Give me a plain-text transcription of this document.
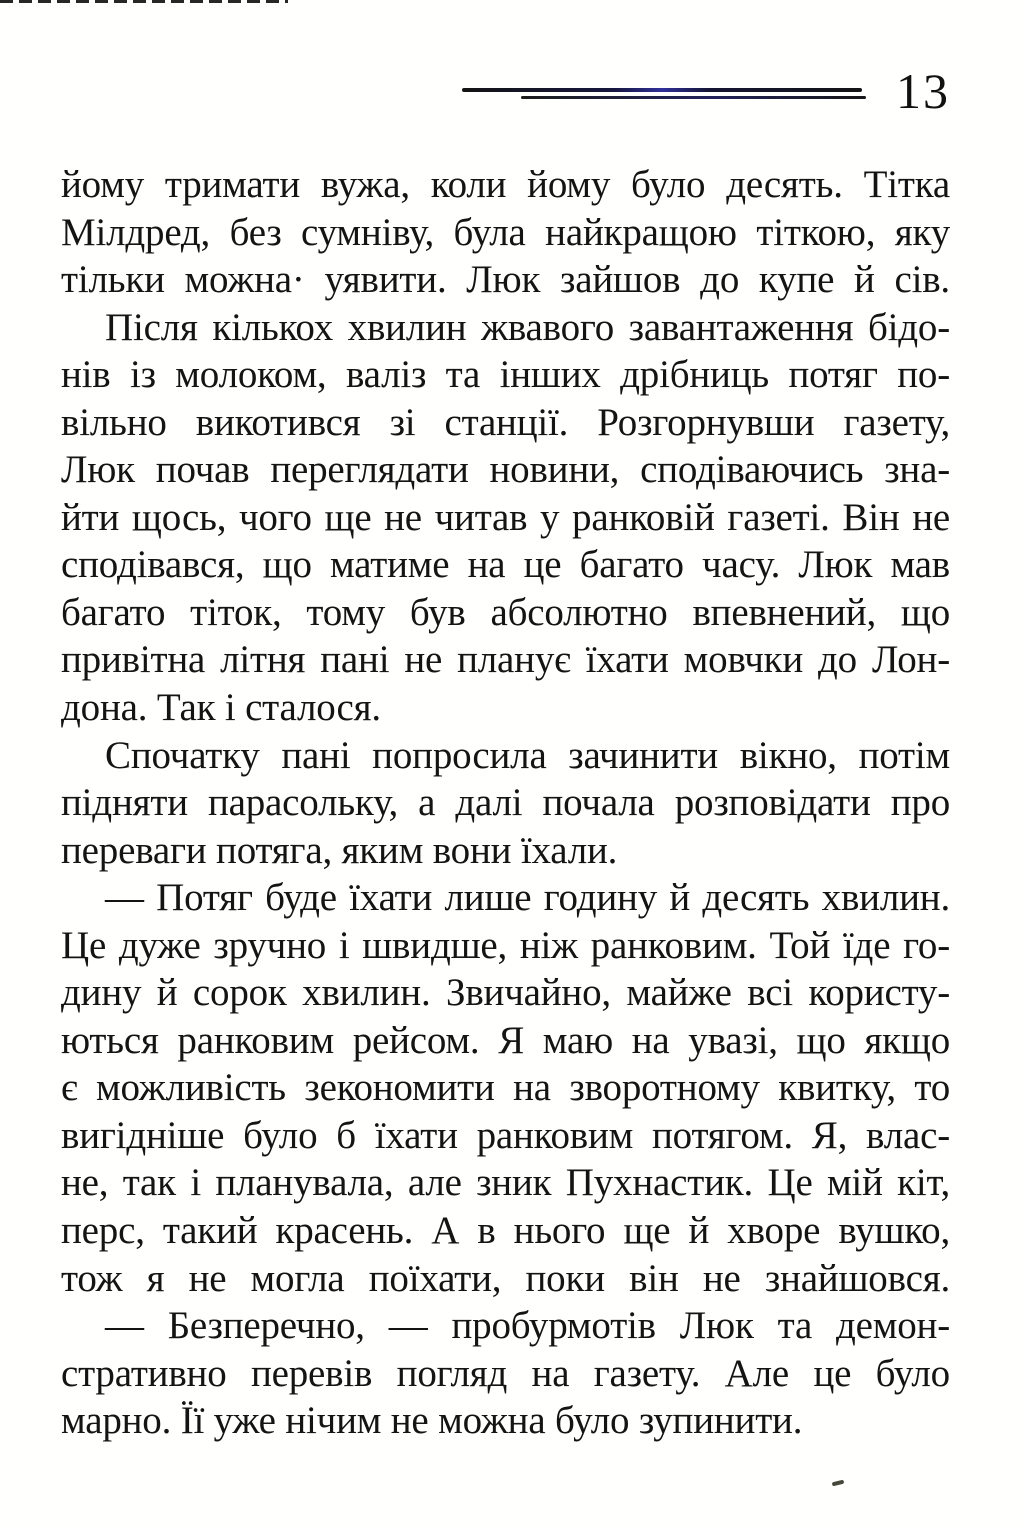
13
йому тримати вужа, коли йому було десять. Тітка
Мілдред, без сумніву, була найкращою тіткою, яку
тільки можна· уявити. Люк зайшов до купе й сів.
Після кількох хвилин жвавого завантаження бідо-
нів із молоком, валіз та інших дрібниць потяг по-
вільно викотився зі станції. Розгорнувши газету,
Люк почав переглядати новини, сподіваючись зна-
йти щось, чого ще не читав у ранковій газеті. Він не
сподівався, що матиме на це багато часу. Люк мав
багато тіток, тому був абсолютно впевнений, що
привітна літня пані не планує їхати мовчки до Лон-
дона. Так і сталося.
Спочатку пані попросила зачинити вікно, потім
підняти парасольку, а далі почала розповідати про
переваги потяга, яким вони їхали.
— Потяг буде їхати лише годину й десять хвилин.
Це дуже зручно і швидше, ніж ранковим. Той їде го-
дину й сорок хвилин. Звичайно, майже всі користу-
ються ранковим рейсом. Я маю на увазі, що якщо
є можливість зекономити на зворотному квитку, то
вигідніше було б їхати ранковим потягом. Я, влас-
не, так і планувала, але зник Пухнастик. Це мій кіт,
перс, такий красень. А в нього ще й хворе вушко,
тож я не могла поїхати, поки він не знайшовся.
— Безперечно, — пробурмотів Люк та демон-
стративно перевів погляд на газету. Але це було
марно. Її уже нічим не можна було зупинити.
